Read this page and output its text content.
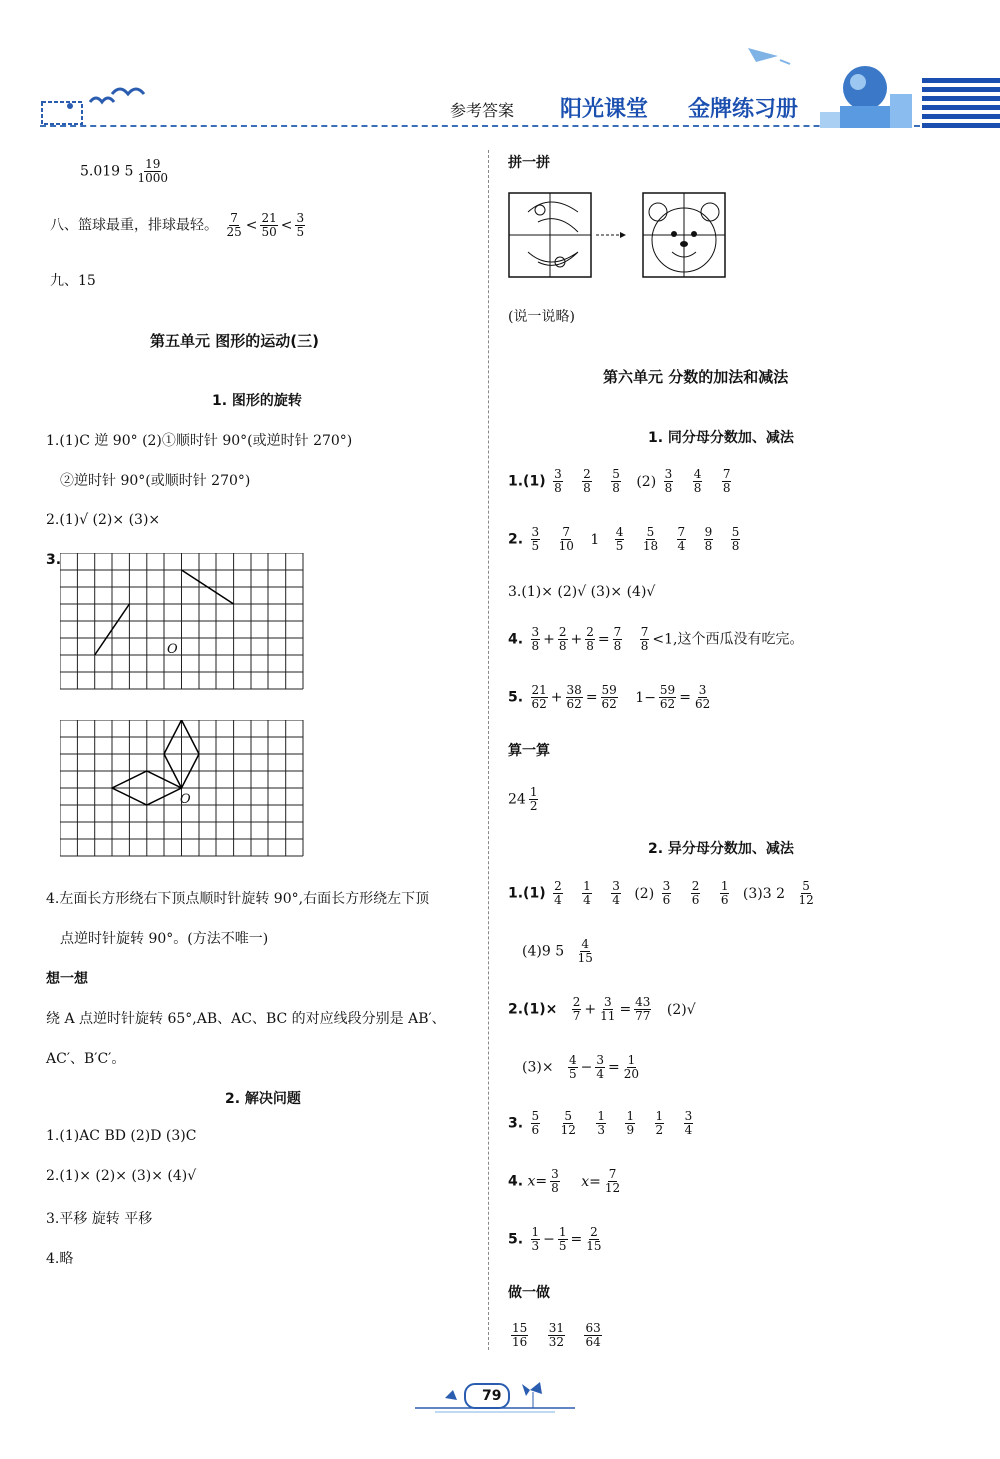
参考答案 阳光课堂 金牌练习册
5.019 $5 \frac{19}{1000}$
八、篮球最重，排球最轻。 $\frac{7}{25} < \frac{21}{50} < \frac{3}{5}$
九、15
第五单元 图形的运动(三)
1. 图形的旋转
1.(1)C 逆 90° (2)①顺时针 90°(或逆时针 270°)
②逆时针 90°(或顺时针 270°)
2.(1)√ (2)× (3)×
3.
O
O
4.左面长方形绕右下顶点顺时针旋转 90°,右面长方形绕左下顶
点逆时针旋转 90°。(方法不唯一)
想一想
绕 A 点逆时针旋转 65°,AB、AC、BC 的对应线段分别是 AB′、
AC′、B′C′。
2. 解决问题
1.(1)AC BD (2)D (3)C
2.(1)× (2)× (3)× (4)√
3.平移 旋转 平移
4.略
拼一拼
(说一说略)
第六单元 分数的加法和减法
1. 同分母分数加、减法
$1.(1) \frac{3}{8}$
$\frac{2}{8}$
$\frac{5}{8} (2) \frac{3}{8}$
$\frac{4}{8}$
$\frac{7}{8}$
2. $\frac{3}{5}$
$\frac{7}{10} 1 \frac{4}{5}$
$\frac{5}{18}$
$\frac{7}{4}$
$\frac{9}{8}$
$\frac{5}{8}$
3.(1)× (2)√ (3)× (4)√
4. $\frac{3}{8} + \frac{2}{8} + \frac{2}{8} = \frac{7}{8}$
$\frac{7}{8} <1$,这个西瓜没有吃完。
5. $\frac{21}{62} + \frac{38}{62} = \frac{59}{62} 1- \frac{59}{62} = \frac{3}{62}$
算一算
$24 \frac{1}{2}$
2. 异分母分数加、减法
$1.(1) \frac{2}{4}$
$\frac{1}{4}$
$\frac{3}{4} (2) \frac{3}{6}$
$\frac{2}{6}$
$\frac{1}{6} (3)3$ $2 \frac{5}{12}$
(4)9 $5 \frac{4}{15}$
$2.(1)\times \frac{2}{7} + \frac{3}{11} = \frac{43}{77} (2)√$
$(3)\times \frac{4}{5} - \frac{3}{4} = \frac{1}{20}$
3. $\frac{5}{6}$
$\frac{5}{12}$
$\frac{1}{3}$
$\frac{1}{9}$
$\frac{1}{2}$
$\frac{3}{4}$
4. $x= \frac{3}{8} x= \frac{7}{12}$
5. $\frac{1}{3} - \frac{1}{5} = \frac{2}{15}$
做一做
$\frac{15}{16}$
$\frac{31}{32}$
$\frac{63}{64}$
79
